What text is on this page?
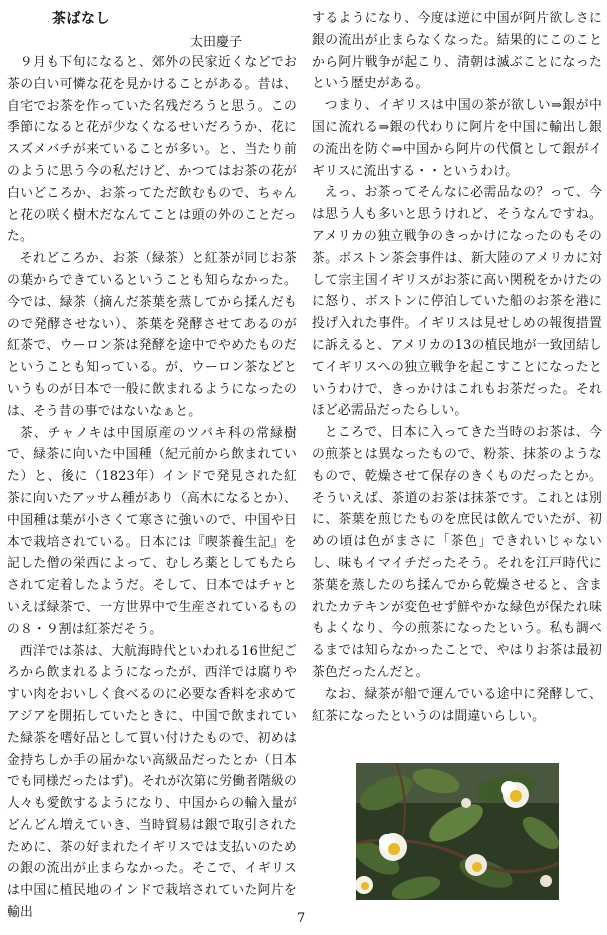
茶ばなし
太田慶子

９月も下旬になると、郊外の民家近くなどでお茶の白い可憐な花を見かけることがある。昔は、自宅でお茶を作っていた名残だろうと思う。この季節になると花が少なくなるせいだろうか、花にスズメバチが来ていることが多い。と、当たり前のように思う今の私だけど、かつてはお茶の花が白いどころか、お茶ってただ飲むもので、ちゃんと花の咲く樹木だなんてことは頭の外のことだった。

それどころか、お茶（緑茶）と紅茶が同じお茶の葉からできているということも知らなかった。今では、緑茶（摘んだ茶葉を蒸してから揉んだもので発酵させない）、茶葉を発酵させてあるのが紅茶で、ウーロン茶は発酵を途中でやめたものだということも知っている。が、ウーロン茶などというものが日本で一般に飲まれるようになったのは、そう昔の事ではないなぁと。

茶、チャノキは中国原産のツバキ科の常緑樹で、緑茶に向いた中国種（紀元前から飲まれていた）と、後に（1823年）インドで発見された紅茶に向いたアッサム種があり（高木になるとか）、中国種は葉が小さくて寒さに強いので、中国や日本で栽培されている。日本には『喫茶養生記』を記した僧の栄西によって、むしろ薬としてもたらされて定着したようだ。そして、日本ではチャといえば緑茶で、一方世界中で生産されているものの８・９割は紅茶だそう。

西洋では茶は、大航海時代といわれる16世紀ごろから飲まれるようになったが、西洋では腐りやすい肉をおいしく食べるのに必要な香料を求めてアジアを開拓していたときに、中国で飲まれていた緑茶を嗜好品として買い付けたもので、初めは金持ちしか手の届かない高級品だったとか（日本でも同様だったはず)。それが次第に労働者階級の人々も愛飲するようになり、中国からの輸入量がどんどん増えていき、当時貿易は銀で取引されたために、茶の好まれたイギリスでは支払いのための銀の流出が止まらなかった。そこで、イギリスは中国に植民地のインドで栽培されていた阿片を輸出

するようになり、今度は逆に中国が阿片欲しさに銀の流出が止まらなくなった。結果的にこのことから阿片戦争が起こり、清朝は滅ぶことになったという歴史がある。

つまり、イギリスは中国の茶が欲しい⇒銀が中国に流れる⇒銀の代わりに阿片を中国に輸出し銀の流出を防ぐ⇒中国から阿片の代償として銀がイギリスに流出する・・というわけ。

えっ、お茶ってそんなに必需品なの？って、今は思う人も多いと思うけれど、そうなんですね。アメリカの独立戦争のきっかけになったのもその茶。ボストン茶会事件は、新大陸のアメリカに対して宗主国イギリスがお茶に高い関税をかけたのに怒り、ボストンに停泊していた船のお茶を港に投げ入れた事件。イギリスは見せしめの報復措置に訴えると、アメリカの13の植民地が一致団結してイギリスへの独立戦争を起こすことになったというわけで、きっかけはこれもお茶だった。それほど必需品だったらしい。

ところで、日本に入ってきた当時のお茶は、今の煎茶とは異なったもので、粉茶、抹茶のようなもので、乾燥させて保存のきくものだったとか。そういえば、茶道のお茶は抹茶です。これとは別に、茶葉を煎じたものを庶民は飲んでいたが、初めの頃は色がまさに「茶色」できれいじゃないし、味もイマイチだったそう。それを江戸時代に茶葉を蒸したのち揉んでから乾燥させると、含まれたカテキンが変色せず鮮やかな緑色が保たれ味もよくなり、今の煎茶になったという。私も調べるまでは知らなかったことで、やはりお茶は最初茶色だったんだと。

なお、緑茶が船で運んでいる途中に発酵して、紅茶になったというのは間違いらしい。

7
